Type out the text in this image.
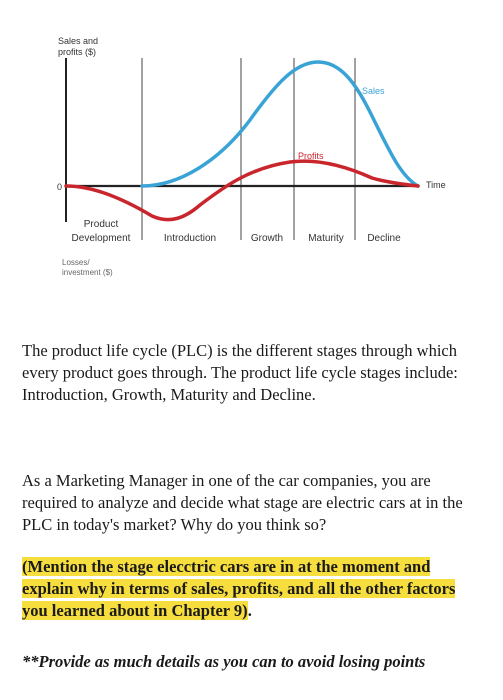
Sales and
profits ($)
0	Time
Sales
Profits
Product
Development	Introduction	Growth	Maturity Decline
Losses/
investment ($)

The product life cycle (PLC) is the different stages through which every product goes through. The product life cycle stages include: Introduction, Growth, Maturity and Decline.

As a Marketing Manager in one of the car companies, you are required to analyze and decide what stage are electric cars at in the PLC in today's market? Why do you think so?

(Mention the stage elecctric cars are in at the moment and explain why in terms of sales, profits, and all the other factors you learned about in Chapter 9).

**Provide as much details as you can to avoid losing points
